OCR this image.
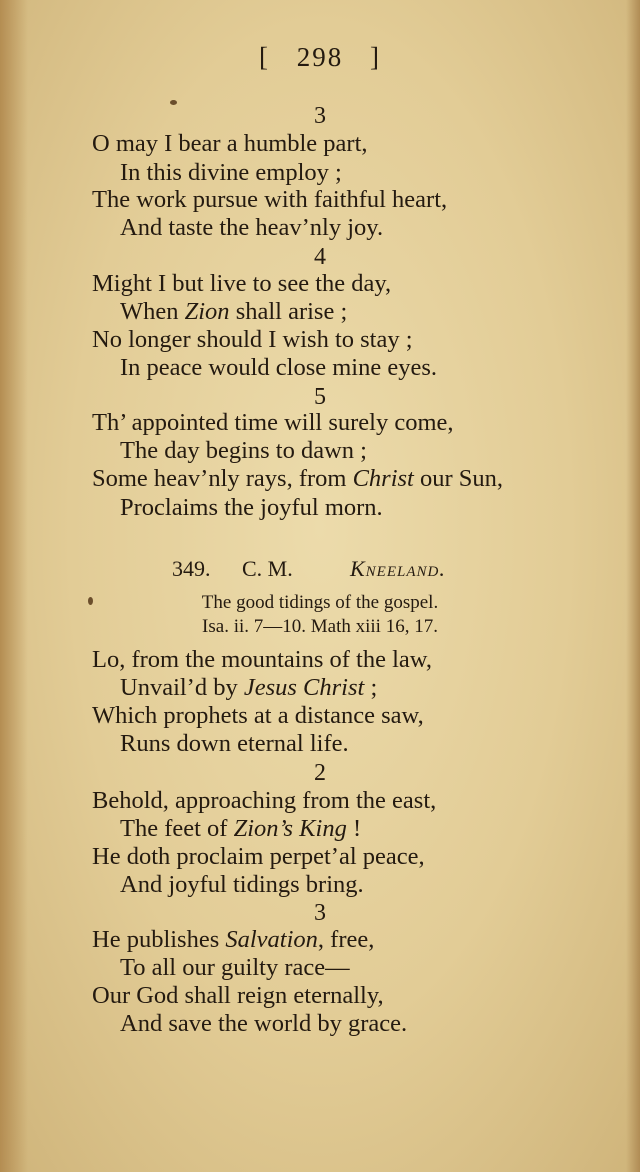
[ 298 ]
3
O may I bear a humble part,
In this divine employ ;
The work pursue with faithful heart,
And taste the heav’nly joy.
4
Might I but live to see the day,
When Zion shall arise ;
No longer should I wish to stay ;
In peace would close mine eyes.
5
Th’ appointed time will surely come,
The day begins to dawn ;
Some heav’nly rays, from Christ our Sun,
Proclaims the joyful morn.
349. C. M.	Kneeland.
The good tidings of the gospel.
Isa. ii. 7—10. Math xiii 16, 17.
Lo, from the mountains of the law,
Unvail’d by Jesus Christ ;
Which prophets at a distance saw,
Runs down eternal life.
2
Behold, approaching from the east,
The feet of Zion’s King !
He doth proclaim perpet’al peace,
And joyful tidings bring.
3
He publishes Salvation, free,
To all our guilty race—
Our God shall reign eternally,
And save the world by grace.
